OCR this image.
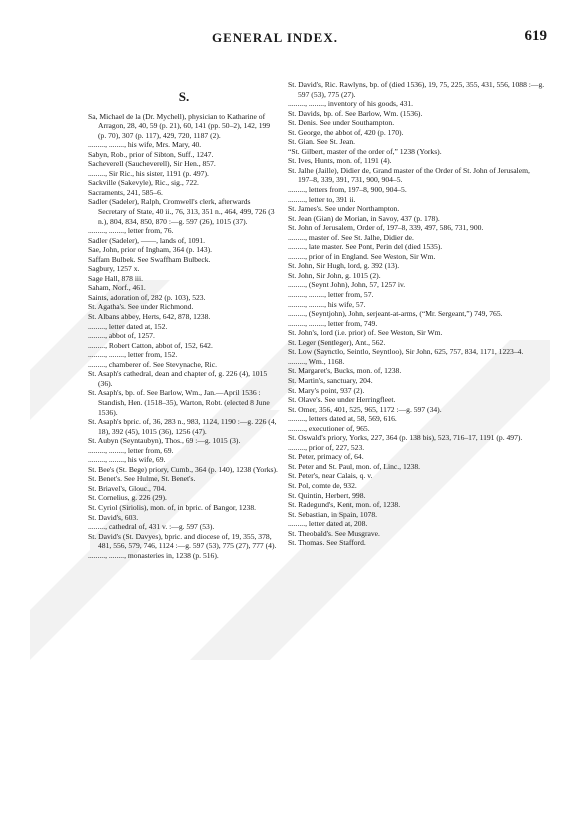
GENERAL INDEX.	619
S.

Sa, Michael de la (Dr. Mychell), physician to Katharine of Arragon, 28, 40, 59 (p. 21), 60, 141 (pp. 50–2), 142, 199 (p. 70), 307 (p. 117), 429, 720, 1187 (2).

........., ........, his wife, Mrs. Mary, 40.

Sabyn, Rob., prior of Sibton, Suff., 1247.

Sacheverell (Saucheverell), Sir Hen., 857.

........., Sir Ric., his sister, 1191 (p. 497).

Sackville (Sakevyle), Ric., sig., 722.

Sacraments, 241, 585–6.

Sadler (Sadeler), Ralph, Cromwell's clerk, afterwards Secretary of State, 40 ii., 76, 313, 351 n., 464, 499, 726 (3 n.), 804, 834, 850, 870 :—g. 597 (26), 1015 (37).

........., ........, letter from, 76.

Sadler (Sadeler), ——, lands of, 1091.

Sae, John, prior of Ingham, 364 (p. 143).

Saffam Bulbek. See Swaffham Bulbeck.

Sagbury, 1257 x.

Sage Hall, 878 iii.

Saham, Norf., 461.

Saints, adoration of, 282 (p. 103), 523.

St. Agatha's. See under Richmond.

St. Albans abbey, Herts, 642, 878, 1238.

........., letter dated at, 152.

........., abbot of, 1257.

........., Robert Catton, abbot of, 152, 642.

........., ........, letter from, 152.

........., chamberer of. See Stevynache, Ric.

St. Asaph's cathedral, dean and chapter of, g. 226 (4), 1015 (36).

St. Asaph's, bp. of. See Barlow, Wm., Jan.—April 1536 : Standish, Hen. (1518–35), Warton, Robt. (elected 8 June 1536).

St. Asaph's bpric. of, 36, 283 n., 983, 1124, 1190 :—g. 226 (4, 18), 392 (45), 1015 (36), 1256 (47).

St. Aubyn (Seyntaubyn), Thos., 69 :—g. 1015 (3).

........., ........, letter from, 69.

........., ........, his wife, 69.

St. Bee's (St. Bege) priory, Cumb., 364 (p. 140), 1238 (Yorks).

St. Benet's. See Hulme, St. Benet's.

St. Briavel's, Glouc., 704.

St. Cornelius, g. 226 (29).

St. Cyriol (Siriolis), mon. of, in bpric. of Bangor, 1238.

St. David's, 603.

........., cathedral of, 431 v. :—g. 597 (53).

St. David's (St. Davyes), bpric. and diocese of, 19, 355, 378, 481, 556, 579, 746, 1124 :—g. 597 (53), 775 (27), 777 (4).

........., ........, monasteries in, 1238 (p. 516).

St. David's, Ric. Rawlyns, bp. of (died 1536), 19, 75, 225, 355, 431, 556, 1088 :—g. 597 (53), 775 (27).

........., ........, inventory of his goods, 431.

St. Davids, bp. of. See Barlow, Wm. (1536).

St. Denis. See under Southampton.

St. George, the abbot of, 420 (p. 170).

St. Gian. See St. Jean.

“St. Gilbert, master of the order of,” 1238 (Yorks).

St. Ives, Hunts, mon. of, 1191 (4).

St. Jalhe (Jaille), Didier de, Grand master of the Order of St. John of Jerusalem, 197–8, 339, 391, 731, 900, 904–5.

........., letters from, 197–8, 900, 904–5.

........., letter to, 391 ii.

St. James's. See under Northampton.

St. Jean (Gian) de Morian, in Savoy, 437 (p. 178).

St. John of Jerusalem, Order of, 197–8, 339, 497, 586, 731, 900.

........., master of. See St. Jalhe, Didier de.

........., late master. See Pont, Perin del (died 1535).

........., prior of in England. See Weston, Sir Wm.

St. John, Sir Hugh, lord, g. 392 (13).

St. John, Sir John, g. 1015 (2).

........., (Seynt John), John, 57, 1257 iv.

........., ........, letter from, 57.

........., ........, his wife, 57.

........., (Seyntjohn), John, serjeant-at-arms, (“Mr. Sergeant,”) 749, 765.

........., ........, letter from, 749.

St. John's, lord (i.e. prior) of. See Weston, Sir Wm.

St. Leger (Sentleger), Ant., 562.

St. Low (Saynctlo, Seintlo, Seyntloo), Sir John, 625, 757, 834, 1171, 1223–4.

........., Wm., 1168.

St. Margaret's, Bucks, mon. of, 1238.

St. Martin's, sanctuary, 204.

St. Mary's point, 937 (2).

St. Olave's. See under Herringfleet.

St. Omer, 356, 401, 525, 965, 1172 :—g. 597 (34).

........., letters dated at, 58, 569, 616.

........., executioner of, 965.

St. Oswald's priory, Yorks, 227, 364 (p. 138 bis), 523, 716–17, 1191 (p. 497).

........., prior of, 227, 523.

St. Peter, primacy of, 64.

St. Peter and St. Paul, mon. of, Linc., 1238.

St. Peter's, near Calais, q. v.

St. Pol, comte de, 932.

St. Quintin, Herbert, 998.

St. Radegund's, Kent, mon. of, 1238.

St. Sebastian, in Spain, 1078.

........., letter dated at, 208.

St. Theobald's. See Musgrave.

St. Thomas. See Stafford.
